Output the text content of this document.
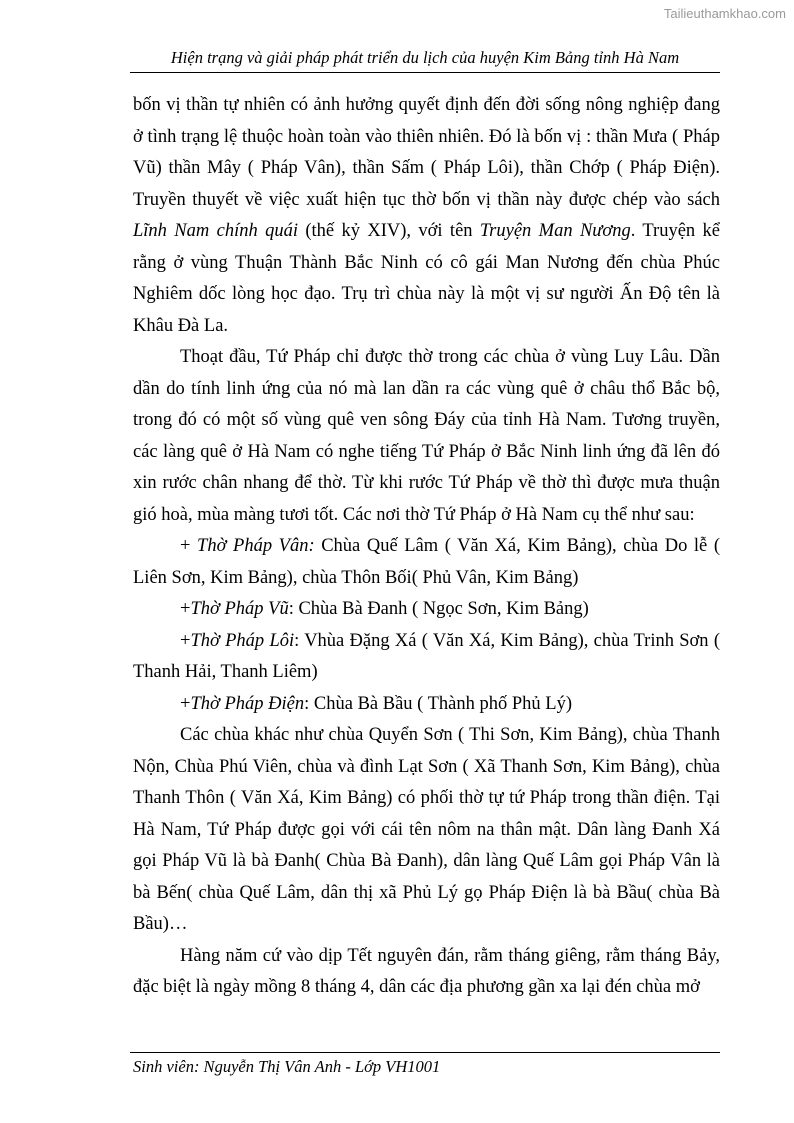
Tailieuthamkhao.com
Hiện trạng và giải pháp phát triển du lịch của huyện Kim Bảng tỉnh Hà Nam

bốn vị thần tự nhiên có ảnh hưởng quyết định đến đời sống nông nghiệp đang ở tình trạng lệ thuộc hoàn toàn vào thiên nhiên. Đó là bốn vị : thần Mưa ( Pháp Vũ) thần Mây ( Pháp Vân), thần Sấm ( Pháp Lôi), thần Chớp ( Pháp Điện). Truyền thuyết về việc xuất hiện tục thờ bốn vị thần này được chép vào sách Lĩnh Nam chính quái (thế kỷ XIV), với tên Truyện Man Nương. Truyện kể rằng ở vùng Thuận Thành Bắc Ninh có cô gái Man Nương đến chùa Phúc Nghiêm dốc lòng học đạo. Trụ trì chùa này là một vị sư người Ấn Độ tên là Khâu Đà La.

Thoạt đầu, Tứ Pháp chỉ được thờ trong các chùa ở vùng Luy Lâu. Dần dần do tính linh ứng của nó mà lan dần ra các vùng quê ở châu thổ Bắc bộ, trong đó có một số vùng quê ven sông Đáy của tỉnh Hà Nam. Tương truyền, các làng quê ở Hà Nam có nghe tiếng Tứ Pháp ở Bắc Ninh linh ứng đã lên đó xin rước chân nhang để thờ. Từ khi rước Tứ Pháp về thờ thì được mưa thuận gió hoà, mùa màng tươi tốt. Các nơi thờ Tứ Pháp ở Hà Nam cụ thể như sau:

+ Thờ Pháp Vân: Chùa Quế Lâm ( Văn Xá, Kim Bảng), chùa Do lễ ( Liên Sơn, Kim Bảng), chùa Thôn Bối( Phủ Vân, Kim Bảng)

+Thờ Pháp Vũ: Chùa Bà Đanh ( Ngọc Sơn, Kim Bảng)

+Thờ Pháp Lôi: Vhùa Đặng Xá ( Văn Xá, Kim Bảng), chùa Trinh Sơn ( Thanh Hải, Thanh Liêm)

+Thờ Pháp Điện: Chùa Bà Bầu ( Thành phố Phủ Lý)

Các chùa khác như chùa Quyển Sơn ( Thi Sơn, Kim Bảng), chùa Thanh Nộn, Chùa Phú Viên, chùa và đình Lạt Sơn ( Xã Thanh Sơn, Kim Bảng), chùa Thanh Thôn ( Văn Xá, Kim Bảng) có phối thờ tự tứ Pháp trong thần điện. Tại Hà Nam, Tứ Pháp được gọi với cái tên nôm na thân mật. Dân làng Đanh Xá gọi Pháp Vũ là bà Đanh( Chùa Bà Đanh), dân làng Quế Lâm gọi Pháp Vân là bà Bến( chùa Quế Lâm, dân thị xã Phủ Lý gọ Pháp Điện là bà Bầu( chùa Bà Bầu)…

Hàng năm cứ vào dịp Tết nguyên đán, rằm tháng giêng, rằm tháng Bảy, đặc biệt là ngày mồng 8 tháng 4, dân các địa phương gần xa lại đén chùa mở

Sinh viên: Nguyễn Thị Vân Anh - Lớp VH1001
